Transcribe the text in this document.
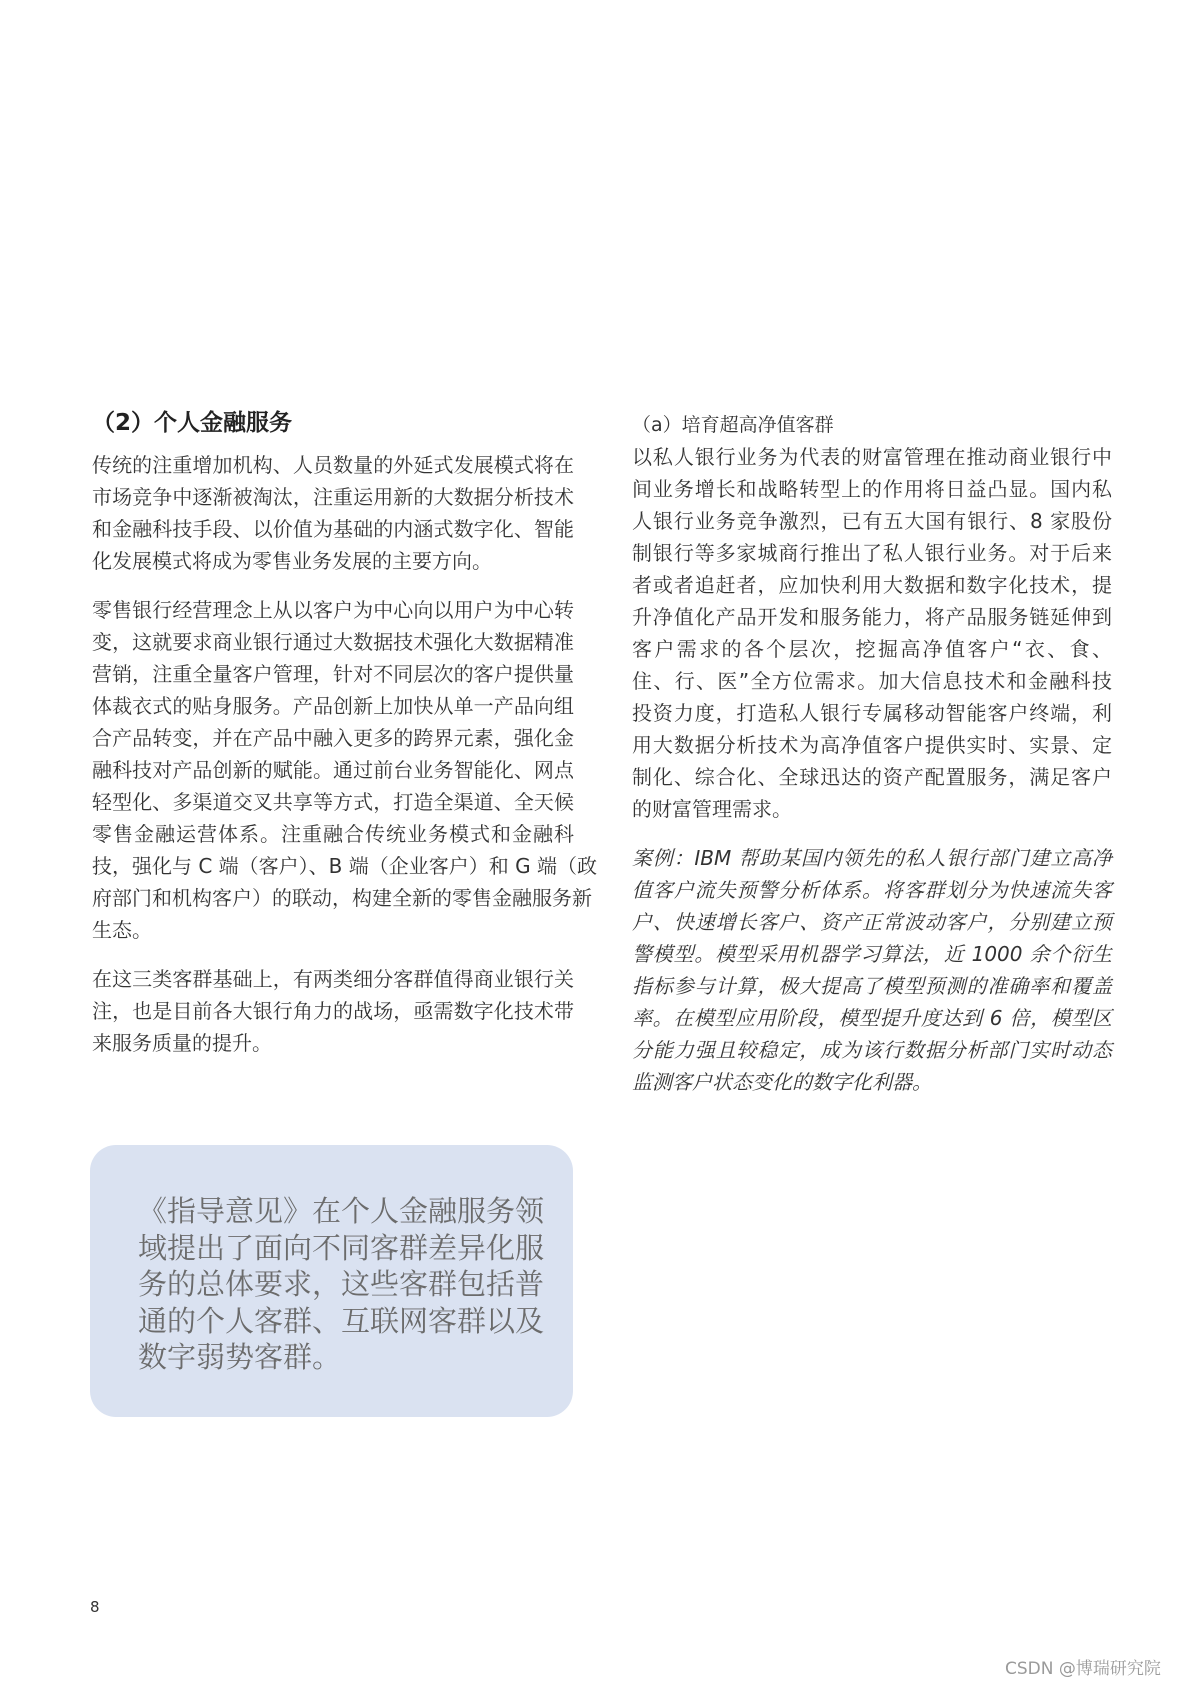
（2）个人金融服务
传统的注重增加机构、人员数量的外延式发展模式将在
市场竞争中逐渐被淘汰，注重运用新的大数据分析技术
和金融科技手段、以价值为基础的内涵式数字化、智能
化发展模式将成为零售业务发展的主要方向。
零售银行经营理念上从以客户为中心向以用户为中心转
变，这就要求商业银行通过大数据技术强化大数据精准
营销，注重全量客户管理，针对不同层次的客户提供量
体裁衣式的贴身服务。产品创新上加快从单一产品向组
合产品转变，并在产品中融入更多的跨界元素，强化金
融科技对产品创新的赋能。通过前台业务智能化、网点
轻型化、多渠道交叉共享等方式，打造全渠道、全天候
零售金融运营体系。注重融合传统业务模式和金融科
技，强化与 C 端（客户）、B 端（企业客户）和 G 端（政
府部门和机构客户）的联动，构建全新的零售金融服务新
生态。
在这三类客群基础上，有两类细分客群值得商业银行关
注，也是目前各大银行角力的战场，亟需数字化技术带
来服务质量的提升。
《指导意见》在个人金融服务领
域提出了面向不同客群差异化服
务的总体要求，这些客群包括普
通的个人客群、互联网客群以及
数字弱势客群。
（a）培育超高净值客群
以私人银行业务为代表的财富管理在推动商业银行中
间业务增长和战略转型上的作用将日益凸显。国内私
人银行业务竞争激烈，已有五大国有银行、8 家股份
制银行等多家城商行推出了私人银行业务。对于后来
者或者追赶者，应加快利用大数据和数字化技术，提
升净值化产品开发和服务能力，将产品服务链延伸到
客户需求的各个层次，挖掘高净值客户“衣、食、
住、行、医”全方位需求。加大信息技术和金融科技
投资力度，打造私人银行专属移动智能客户终端，利
用大数据分析技术为高净值客户提供实时、实景、定
制化、综合化、全球迅达的资产配置服务，满足客户
的财富管理需求。
案例：IBM 帮助某国内领先的私人银行部门建立高净
值客户流失预警分析体系。将客群划分为快速流失客
户、快速增长客户、资产正常波动客户，分别建立预
警模型。模型采用机器学习算法，近 1000 余个衍生
指标参与计算，极大提高了模型预测的准确率和覆盖
率。在模型应用阶段，模型提升度达到 6 倍，模型区
分能力强且较稳定，成为该行数据分析部门实时动态
监测客户状态变化的数字化利器。
8
CSDN @博瑞研究院
